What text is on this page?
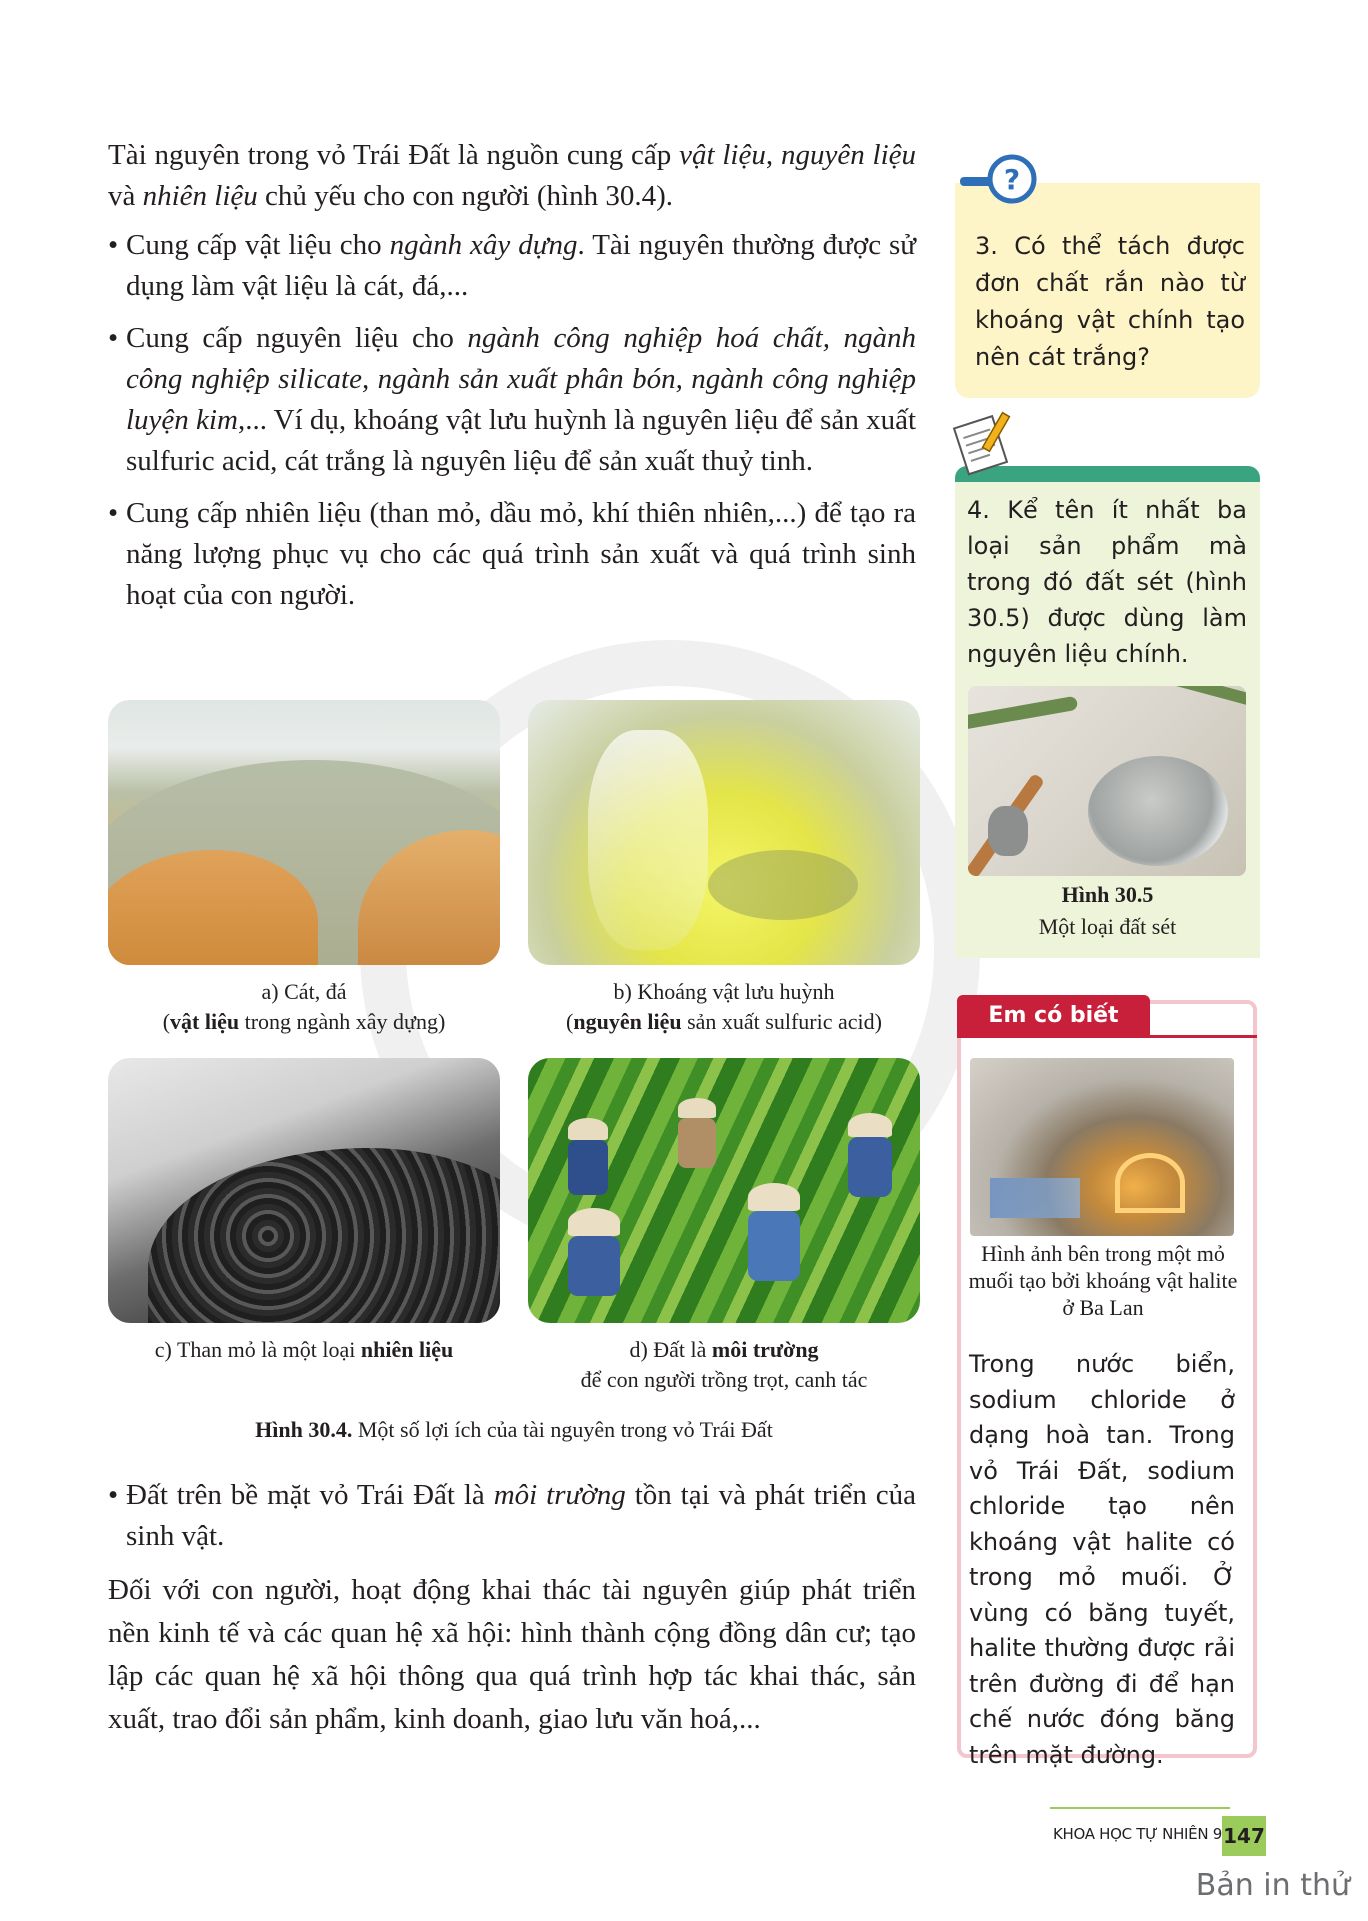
Tài nguyên trong vỏ Trái Đất là nguồn cung cấp vật liệu, nguyên liệu và nhiên liệu chủ yếu cho con người (hình 30.4).

• Cung cấp vật liệu cho ngành xây dựng. Tài nguyên thường được sử dụng làm vật liệu là cát, đá,...

• Cung cấp nguyên liệu cho ngành công nghiệp hoá chất, ngành công nghiệp silicate, ngành sản xuất phân bón, ngành công nghiệp luyện kim,... Ví dụ, khoáng vật lưu huỳnh là nguyên liệu để sản xuất sulfuric acid, cát trắng là nguyên liệu để sản xuất thuỷ tinh.

• Cung cấp nhiên liệu (than mỏ, dầu mỏ, khí thiên nhiên,...) để tạo ra năng lượng phục vụ cho các quá trình sản xuất và quá trình sinh hoạt của con người.

a) Cát, đá
(vật liệu trong ngành xây dựng)
b) Khoáng vật lưu huỳnh
(nguyên liệu sản xuất sulfuric acid)
c) Than mỏ là một loại nhiên liệu	d) Đất là môi trường
để con người trồng trọt, canh tác
Hình 30.4. Một số lợi ích của tài nguyên trong vỏ Trái Đất

• Đất trên bề mặt vỏ Trái Đất là môi trường tồn tại và phát triển của sinh vật.

Đối với con người, hoạt động khai thác tài nguyên giúp phát triển nền kinh tế và các quan hệ xã hội: hình thành cộng đồng dân cư; tạo lập các quan hệ xã hội thông qua quá trình hợp tác khai thác, sản xuất, trao đổi sản phẩm, kinh doanh, giao lưu văn hoá,...

?
3. Có thể tách được đơn chất rắn nào từ khoáng vật chính tạo nên cát trắng?
4. Kể tên ít nhất ba loại sản phẩm mà trong đó đất sét (hình 30.5) được dùng làm nguyên liệu chính.
Hình 30.5
Một loại đất sét
Em có biết
Hình ảnh bên trong một mỏ muối tạo bởi khoáng vật halite ở Ba Lan
Trong nước biển, sodium chloride ở dạng hoà tan. Trong vỏ Trái Đất, sodium chloride tạo nên khoáng vật halite có trong mỏ muối. Ở vùng có băng tuyết, halite thường được rải trên đường đi để hạn chế nước đóng băng trên mặt đường.
KHOA HỌC TỰ NHIÊN 9 147
Bản in thử
